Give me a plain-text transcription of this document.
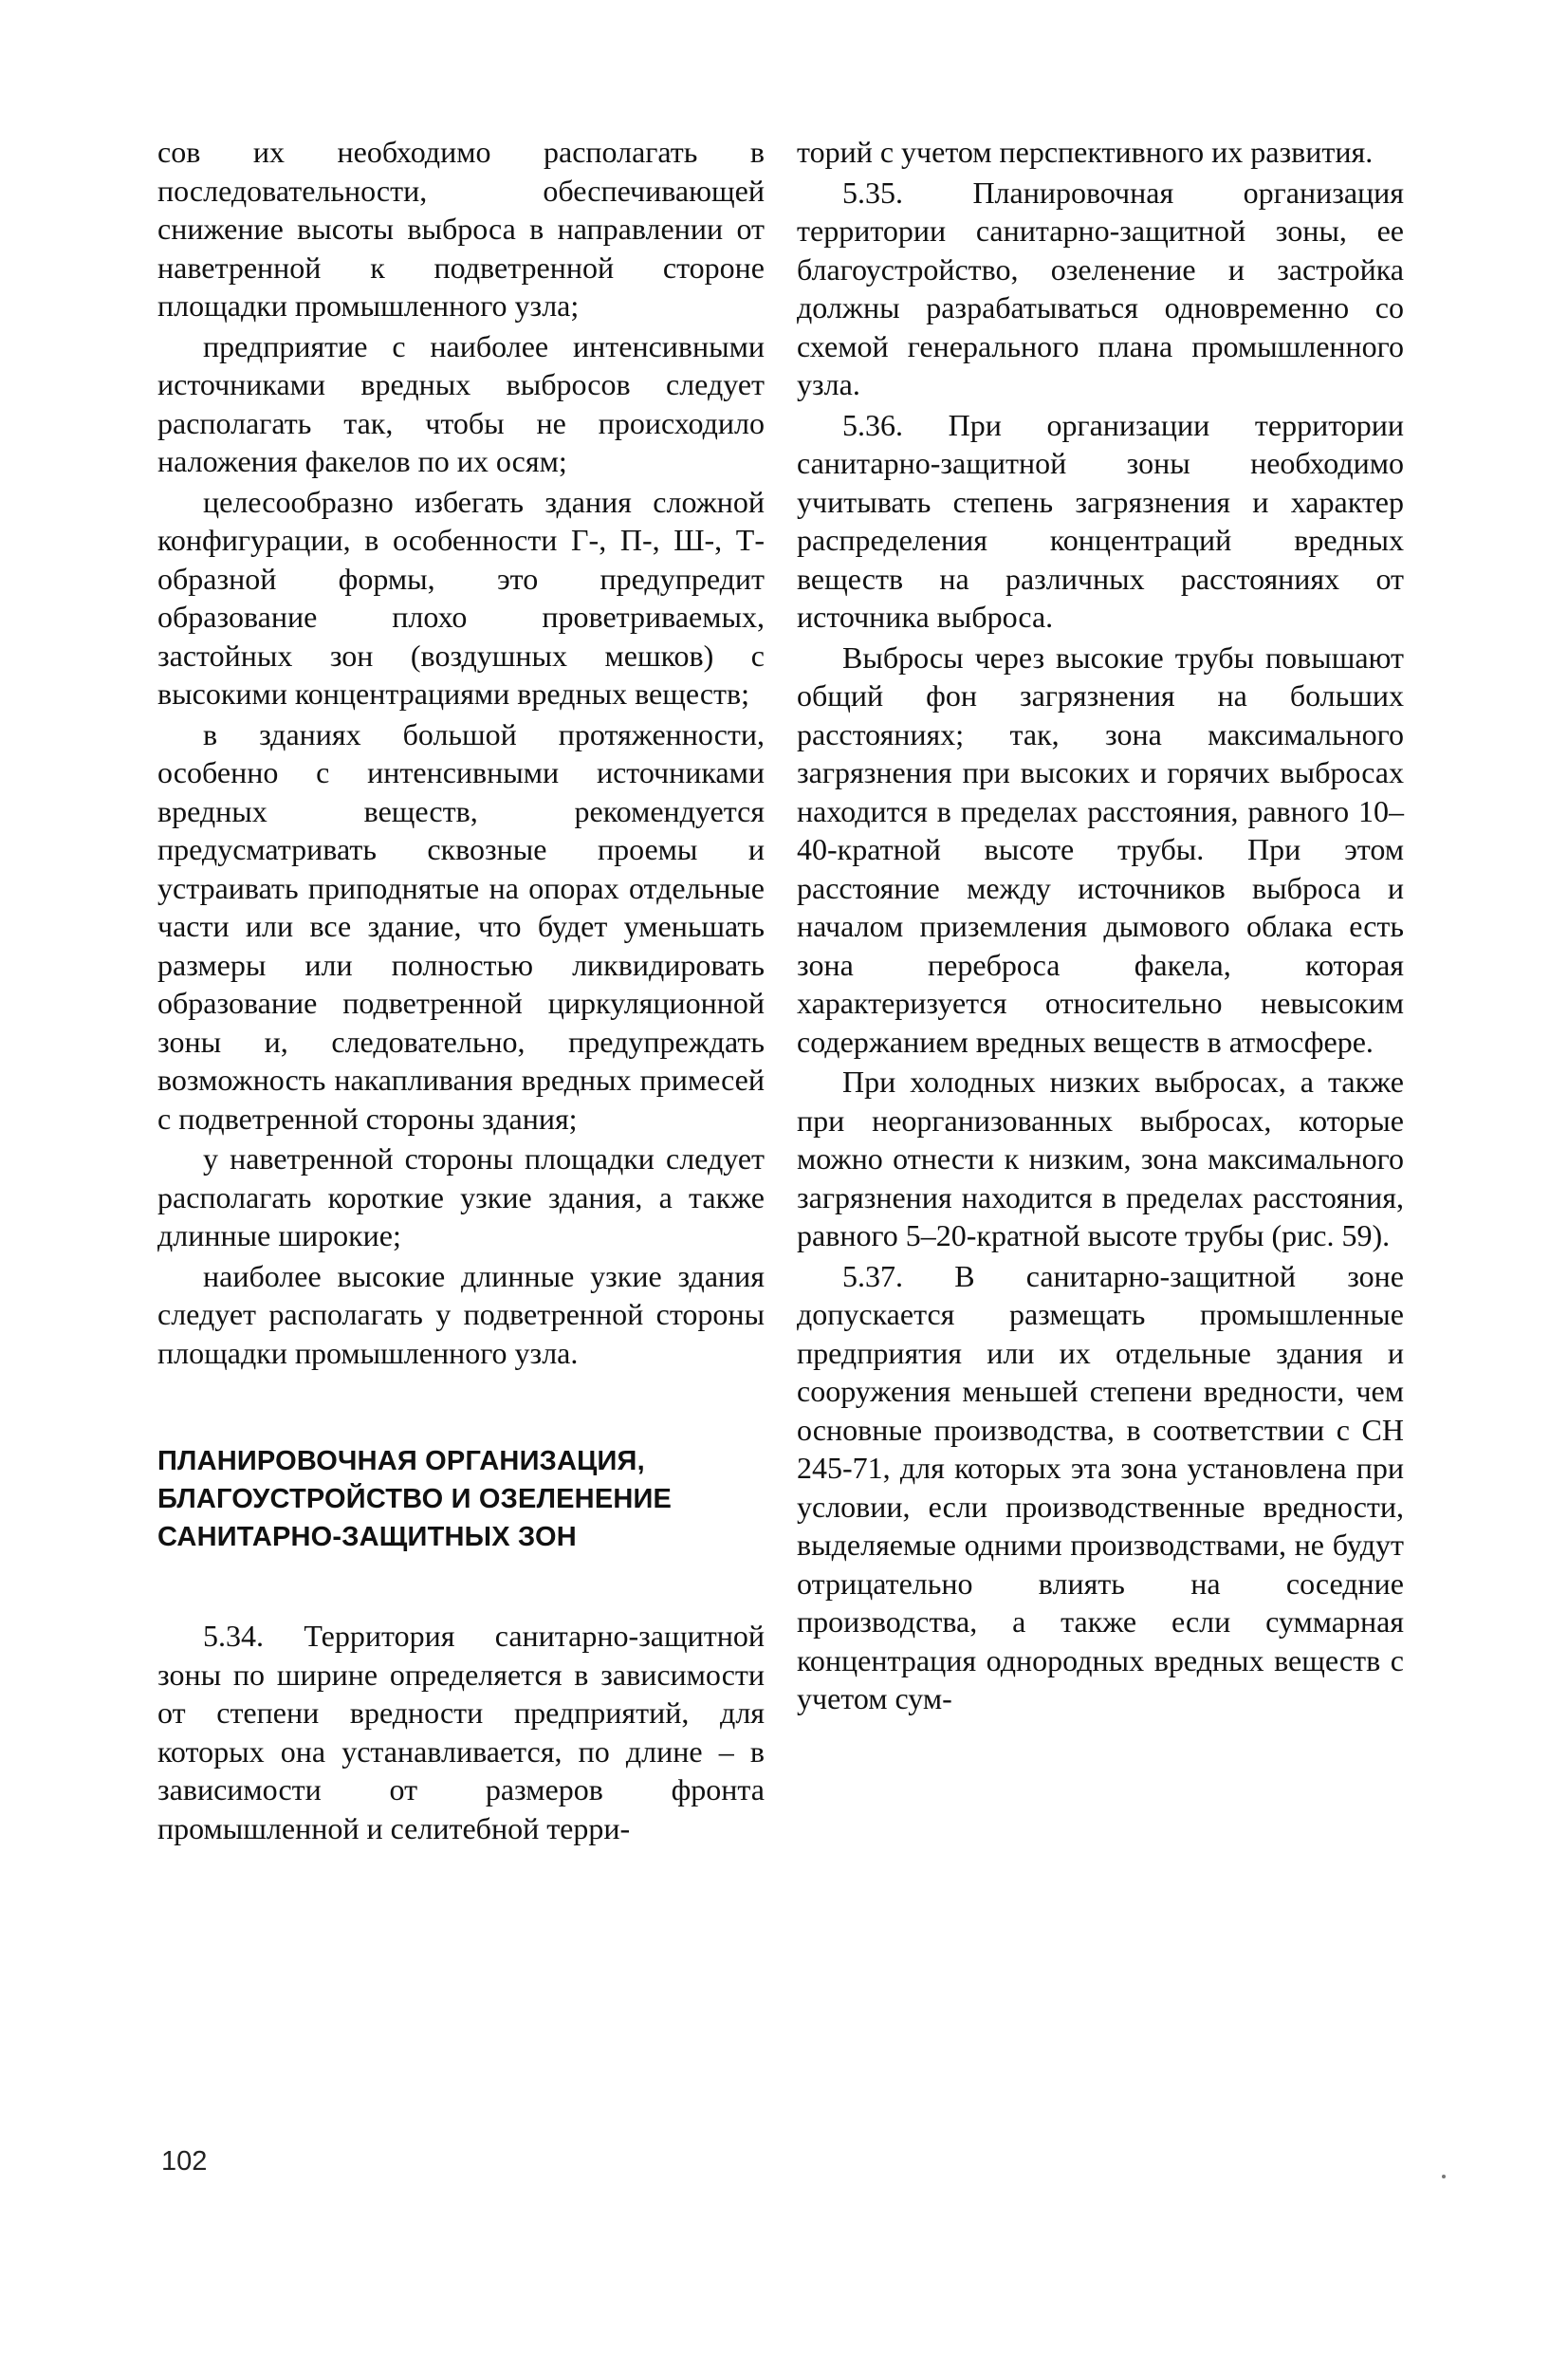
сов их необходимо располагать в последовательности, обеспечивающей снижение высоты выброса в направлении от наветренной к подветренной стороне площадки промышленного узла;

предприятие с наиболее интенсивными источниками вредных выбросов следует располагать так, чтобы не происходило наложения факелов по их осям;

целесообразно избегать здания сложной конфигурации, в особенности Г-, П-, Ш-, Т-образной формы, это предупредит образование плохо проветриваемых, застойных зон (воздушных мешков) с высокими концентрациями вредных веществ;

в зданиях большой протяженности, особенно с интенсивными источниками вредных веществ, рекомендуется предусматривать сквозные проемы и устраивать приподнятые на опорах отдельные части или все здание, что будет уменьшать размеры или полностью ликвидировать образование подветренной циркуляционной зоны и, следовательно, предупреждать возможность накапливания вредных примесей с подветренной стороны здания;

у наветренной стороны площадки следует располагать короткие узкие здания, а также длинные широкие;

наиболее высокие длинные узкие здания следует располагать у подветренной стороны площадки промышленного узла.

ПЛАНИРОВОЧНАЯ ОРГАНИЗАЦИЯ,
БЛАГОУСТРОЙСТВО И ОЗЕЛЕНЕНИЕ
САНИТАРНО-ЗАЩИТНЫХ ЗОН

5.34. Территория санитарно-защитной зоны по ширине определяется в зависимости от степени вредности предприятий, для которых она устанавливается, по длине – в зависимости от размеров фронта промышленной и селитебной терри-

торий с учетом перспективного их развития.

5.35. Планировочная организация территории санитарно-защитной зоны, ее благоустройство, озеленение и застройка должны разрабатываться одновременно со схемой генерального плана промышленного узла.

5.36. При организации территории санитарно-защитной зоны необходимо учитывать степень загрязнения и характер распределения концентраций вредных веществ на различных расстояниях от источника выброса.

Выбросы через высокие трубы повышают общий фон загрязнения на больших расстояниях; так, зона максимального загрязнения при высоких и горячих выбросах находится в пределах расстояния, равного 10–40-кратной высоте трубы. При этом расстояние между источников выброса и началом приземления дымового облака есть зона переброса факела, которая характеризуется относительно невысоким содержанием вредных веществ в атмосфере.

При холодных низких выбросах, а также при неорганизованных выбросах, которые можно отнести к низким, зона максимального загрязнения находится в пределах расстояния, равного 5–20-кратной высоте трубы (рис. 59).

5.37. В санитарно-защитной зоне допускается размещать промышленные предприятия или их отдельные здания и сооружения меньшей степени вредности, чем основные производства, в соответствии с СН 245-71, для которых эта зона установлена при условии, если производственные вредности, выделяемые одними производствами, не будут отрицательно влиять на соседние производства, а также если суммарная концентрация однородных вредных веществ с учетом сум-

102
